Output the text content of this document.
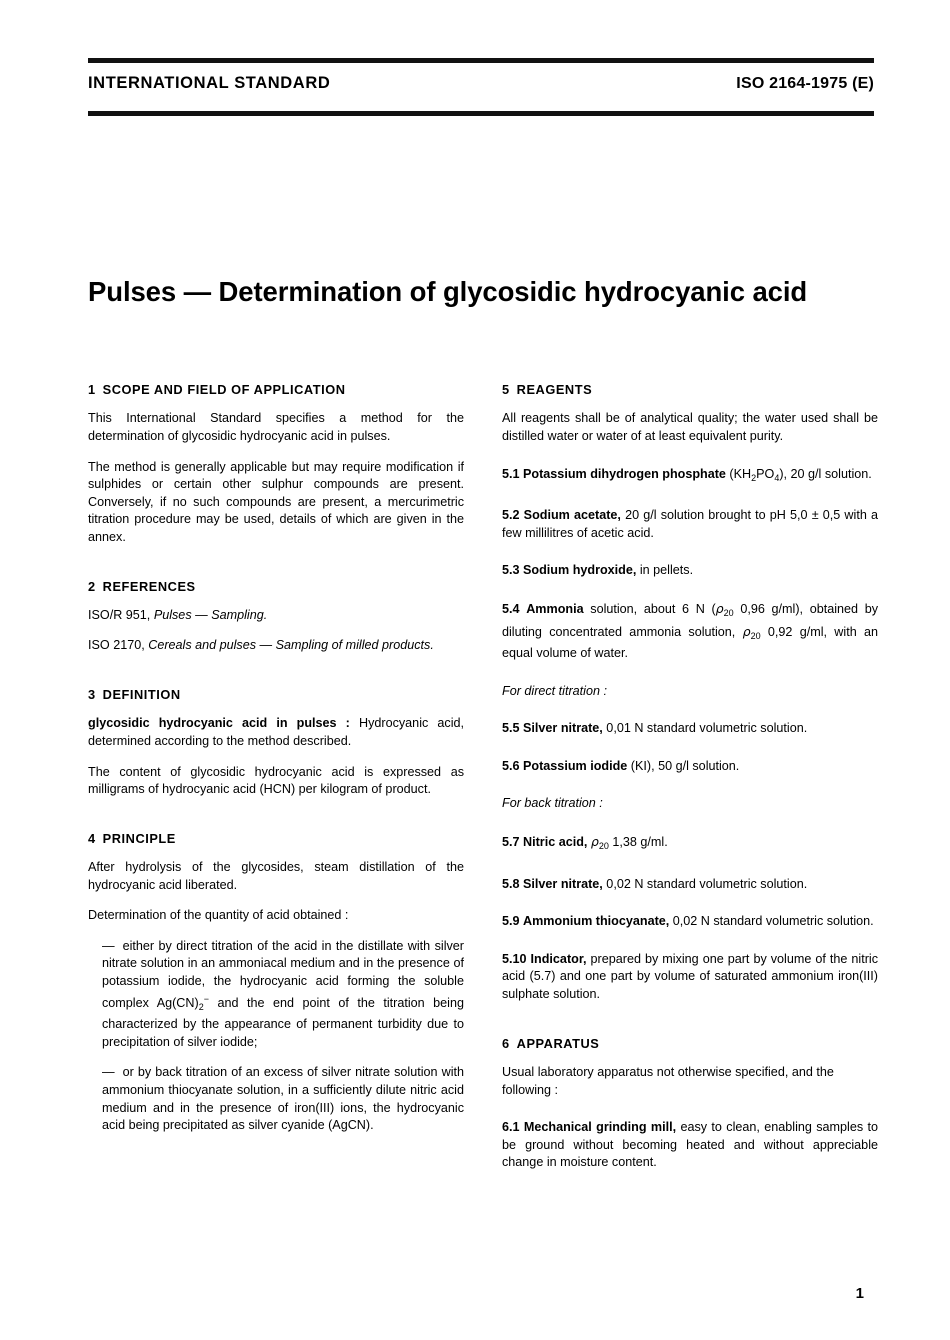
INTERNATIONAL STANDARD	ISO 2164-1975 (E)
Pulses — Determination of glycosidic hydrocyanic acid
1 SCOPE AND FIELD OF APPLICATION

This International Standard specifies a method for the determination of glycosidic hydrocyanic acid in pulses.

The method is generally applicable but may require modification if sulphides or certain other sulphur compounds are present. Conversely, if no such compounds are present, a mercurimetric titration procedure may be used, details of which are given in the annex.

2 REFERENCES

ISO/R 951, Pulses — Sampling.

ISO 2170, Cereals and pulses — Sampling of milled products.

3 DEFINITION

glycosidic hydrocyanic acid in pulses : Hydrocyanic acid, determined according to the method described.

The content of glycosidic hydrocyanic acid is expressed as milligrams of hydrocyanic acid (HCN) per kilogram of product.

4 PRINCIPLE

After hydrolysis of the glycosides, steam distillation of the hydrocyanic acid liberated.

Determination of the quantity of acid obtained :

— either by direct titration of the acid in the distillate with silver nitrate solution in an ammoniacal medium and in the presence of potassium iodide, the hydrocyanic acid forming the soluble complex $Ag(CN)_2^-$ and the end point of the titration being characterized by the appearance of permanent turbidity due to precipitation of silver iodide;

— or by back titration of an excess of silver nitrate solution with ammonium thiocyanate solution, in a sufficiently dilute nitric acid medium and in the presence of iron(III) ions, the hydrocyanic acid being precipitated as silver cyanide (AgCN).

5 REAGENTS

All reagents shall be of analytical quality; the water used shall be distilled water or water of at least equivalent purity.

5.1 Potassium dihydrogen phosphate $(KH_2PO_4)$, 20 g/l solution.

5.2 Sodium acetate, 20 g/l solution brought to pH 5,0 ± 0,5 with a few millilitres of acetic acid.

5.3 Sodium hydroxide, in pellets.

5.4 Ammonia solution, about 6 N ($\rho_{20}$ 0,96 g/ml), obtained by diluting concentrated ammonia solution, $\rho_{20}$ 0,92 g/ml, with an equal volume of water.

For direct titration :

5.5 Silver nitrate, 0,01 N standard volumetric solution.

5.6 Potassium iodide (KI), 50 g/l solution.

For back titration :

5.7 Nitric acid, $\rho_{20}$ 1,38 g/ml.

5.8 Silver nitrate, 0,02 N standard volumetric solution.

5.9 Ammonium thiocyanate, 0,02 N standard volumetric solution.

5.10 Indicator, prepared by mixing one part by volume of the nitric acid (5.7) and one part by volume of saturated ammonium iron(III) sulphate solution.

6 APPARATUS

Usual laboratory apparatus not otherwise specified, and the following :

6.1 Mechanical grinding mill, easy to clean, enabling samples to be ground without becoming heated and without appreciable change in moisture content.

1
